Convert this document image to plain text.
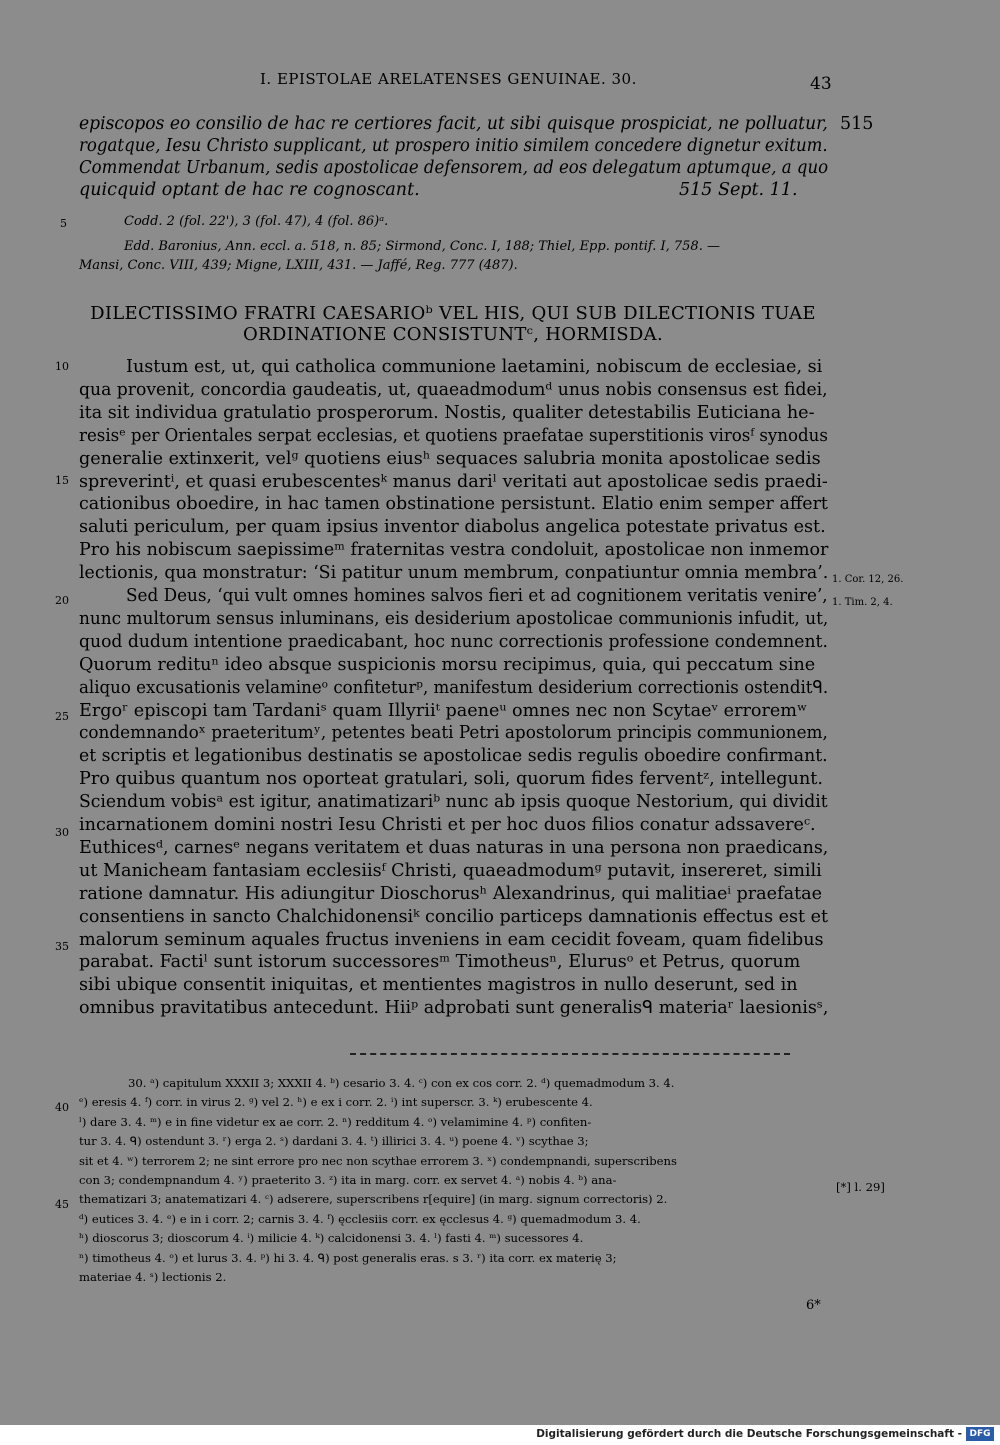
I. EPISTOLAE ARELATENSES GENUINAE. 30.	43
episcopos eo consilio de hac re certiores facit, ut sibi quisque prospiciat, ne polluatur, 515
rogatque, Iesu Christo supplicant, ut prospero initio similem concedere dignetur exitum.
Commendat Urbanum, sedis apostolicae defensorem, ad eos delegatum aptumque, a quo
quicquid optant de hac re cognoscant.	515 Sept. 11.
5	Codd. 2 (fol. 22'), 3 (fol. 47), 4 (fol. 86)ᵃ.
Edd. Baronius, Ann. eccl. a. 518, n. 85; Sirmond, Conc. I, 188; Thiel, Epp. pontif. I, 758. —
Mansi, Conc. VIII, 439; Migne, LXIII, 431. — Jaffé, Reg. 777 (487).
DILECTISSIMO FRATRI CAESARIOᵇ VEL HIS, QUI SUB DILECTIONIS TUAE
ORDINATIONE CONSISTUNTᶜ, HORMISDA.
Iustum est, ut, qui catholica communione laetamini, nobiscum de ecclesiae, si
qua provenit, concordia gaudeatis, ut, quaeadmodumᵈ unus nobis consensus est fidei,
ita sit individua gratulatio prosperorum. Nostis, qualiter detestabilis Euticiana he-
resisᵉ per Orientales serpat ecclesias, et quotiens praefatae superstitionis virosᶠ synodus
generalie extinxerit, velᵍ quotiens eiusʰ sequaces salubria monita apostolicae sedis
spreverintⁱ, et quasi erubescentesᵏ manus dariˡ veritati aut apostolicae sedis praedi-
cationibus oboedire, in hac tamen obstinatione persistunt. Elatio enim semper affert
saluti periculum, per quam ipsius inventor diabolus angelica potestate privatus est.
Pro his nobiscum saepissimeᵐ fraternitas vestra condoluit, apostolicae non inmemor
lectionis, qua monstratur: ‘Si patitur unum membrum, conpatiuntur omnia membra’.
Sed Deus, ‘qui vult omnes homines salvos fieri et ad cognitionem veritatis venire’,
nunc multorum sensus inluminans, eis desiderium apostolicae communionis infudit, ut,
quod dudum intentione praedicabant, hoc nunc correctionis professione condemnent.
Quorum redituⁿ ideo absque suspicionis morsu recipimus, quia, qui peccatum sine
aliquo excusationis velamineᵒ confiteturᵖ, manifestum desiderium correctionis ostenditᑫ.
Ergoʳ episcopi tam Tardaniˢ quam Illyriiᵗ paeneᵘ omnes nec non Scytaeᵛ erroremʷ
condemnandoˣ praeteritumʸ, petentes beati Petri apostolorum principis communionem,
et scriptis et legationibus destinatis se apostolicae sedis regulis oboedire confirmant.
Pro quibus quantum nos oporteat gratulari, soli, quorum fides ferventᶻ, intellegunt.
Sciendum vobisᵃ est igitur, anatimatizariᵇ nunc ab ipsis quoque Nestorium, qui dividit
incarnationem domini nostri Iesu Christi et per hoc duos filios conatur adssavereᶜ.
Euthicesᵈ, carnesᵉ negans veritatem et duas naturas in una persona non praedicans,
ut Manicheam fantasiam ecclesiisᶠ Christi, quaeadmodumᵍ putavit, insereret, simili
ratione damnatur. His adiungitur Dioschorusʰ Alexandrinus, qui malitiaeⁱ praefatae
consentiens in sancto Chalchidonensiᵏ concilio particeps damnationis effectus est et
malorum seminum aquales fructus inveniens in eam cecidit foveam, quam fidelibus
parabat. Factiˡ sunt istorum successoresᵐ Timotheusⁿ, Elurusᵒ et Petrus, quorum
sibi ubique consentit iniquitas, et mentientes magistros in nullo deserunt, sed in
omnibus pravitatibus antecedunt. Hiiᵖ adprobati sunt generalisᑫ materiaʳ laesionisˢ,
10
15
20
25
30
35
1. Cor. 12, 26.
1. Tim. 2, 4.
30. ᵃ) capitulum XXXII 3; XXXII 4. ᵇ) cesario 3. 4. ᶜ) con ex cos corr. 2. ᵈ) quemadmodum 3. 4.
ᵉ) eresis 4. ᶠ) corr. in virus 2. ᵍ) vel 2. ʰ) e ex i corr. 2. ⁱ) int superscr. 3. ᵏ) erubescente 4.
ˡ) dare 3. 4. ᵐ) e in fine videtur ex ae corr. 2. ⁿ) redditum 4. ᵒ) velamimine 4. ᵖ) confiten-
tur 3. 4. ᑫ) ostendunt 3. ʳ) erga 2. ˢ) dardani 3. 4. ᵗ) illirici 3. 4. ᵘ) poene 4. ᵛ) scythae 3;
sit et 4. ʷ) terrorem 2; ne sint errore pro nec non scythae errorem 3. ˣ) condempnandi, superscribens
con 3; condempnandum 4. ʸ) praeterito 3. ᶻ) ita in marg. corr. ex servet 4. ᵃ) nobis 4. ᵇ) ana-
thematizari 3; anatematizari 4. ᶜ) adserere, superscribens r[equire] (in marg. signum correctoris) 2.
ᵈ) eutices 3. 4. ᵉ) e in i corr. 2; carnis 3. 4. ᶠ) ęcclesiis corr. ex ęcclesus 4. ᵍ) quemadmodum 3. 4.
ʰ) dioscorus 3; dioscorum 4. ⁱ) milicie 4. ᵏ) calcidonensi 3. 4. ˡ) fasti 4. ᵐ) sucessores 4.
ⁿ) timotheus 4. ᵒ) et lurus 3. 4. ᵖ) hi 3. 4. ᑫ) post generalis eras. s 3. ʳ) ita corr. ex materię 3;
materiae 4. ˢ) lectionis 2.
40
45
[*] l. 29]
6*
Digitalisierung gefördert durch die Deutsche Forschungsgemeinschaft - DFG
